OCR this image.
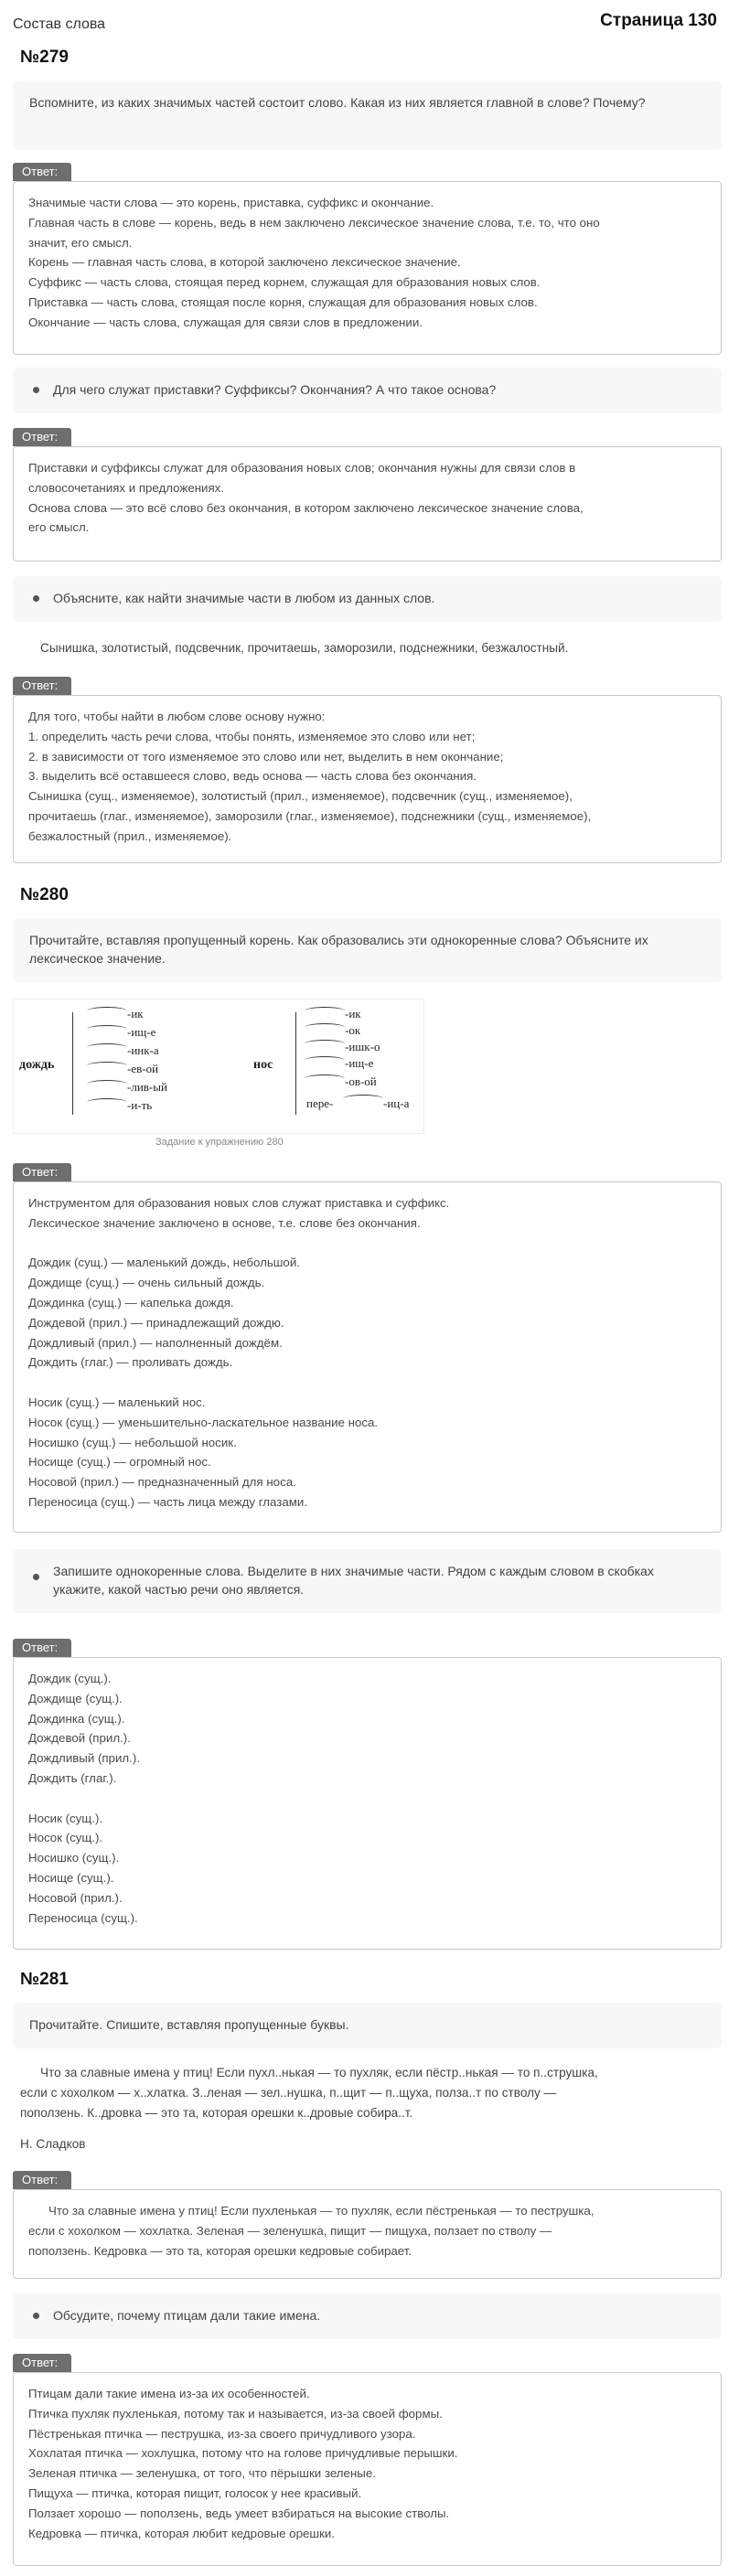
Состав слова	Страница 130
№279
Вспомните, из каких значимых частей состоит слово. Какая из них является главной в слове? Почему?
Ответ:
Значимые части слова — это корень, приставка, суффикс и окончание.
Главная часть в слове — корень, ведь в нем заключено лексическое значение слова, т.е. то, что оно
значит, его смысл.
Корень — главная часть слова, в которой заключено лексическое значение.
Суффикс — часть слова, стоящая перед корнем, служащая для образования новых слов.
Приставка — часть слова, стоящая после корня, служащая для образования новых слов.
Окончание — часть слова, служащая для связи слов в предложении.
Для чего служат приставки? Суффиксы? Окончания? А что такое основа?
Ответ:
Приставки и суффиксы служат для образования новых слов; окончания нужны для связи слов в
словосочетаниях и предложениях.
Основа слова — это всё слово без окончания, в котором заключено лексическое значение слова,
его смысл.
Объясните, как найти значимые части в любом из данных слов.
Сынишка, золотистый, подсвечник, прочитаешь, заморозили, подснежники, безжалостный.
Ответ:
Для того, чтобы найти в любом слове основу нужно:
1. определить часть речи слова, чтобы понять, изменяемое это слово или нет;
2. в зависимости от того изменяемое это слово или нет, выделить в нем окончание;
3. выделить всё оставшееся слово, ведь основа — часть слова без окончания.
Сынишка (сущ., изменяемое), золотистый (прил., изменяемое), подсвечник (сущ., изменяемое),
прочитаешь (глаг., изменяемое), заморозили (глаг., изменяемое), подснежники (сущ., изменяемое),
безжалостный (прил., изменяемое).
№280
Прочитайте, вставляя пропущенный корень. Как образовались эти однокоренные слова? Объясните их лексическое значение.
дождь
-ик
-ищ-е
-инк-а
-ев-ой
-лив-ый
-и-ть
нос
-ик
-ок
-ишк-о
-ищ-е
-ов-ой
пере-	-иц-а
Задание к упражнению 280
Ответ:
Инструментом для образования новых слов служат приставка и суффикс.
Лексическое значение заключено в основе, т.е. слове без окончания.
Дождик (сущ.) — маленький дождь, небольшой.
Дождище (сущ.) — очень сильный дождь.
Дождинка (сущ.) — капелька дождя.
Дождевой (прил.) — принадлежащий дождю.
Дождливый (прил.) — наполненный дождём.
Дождить (глаг.) — проливать дождь.
Носик (сущ.) — маленький нос.
Носок (сущ.) — уменьшительно-ласкательное название носа.
Носишко (сущ.) — небольшой носик.
Носище (сущ.) — огромный нос.
Носовой (прил.) — предназначенный для носа.
Переносица (сущ.) — часть лица между глазами.
Запишите однокоренные слова. Выделите в них значимые части. Рядом с каждым словом в скобках укажите, какой частью речи оно является.
Ответ:
Дождик (сущ.).
Дождище (сущ.).
Дождинка (сущ.).
Дождевой (прил.).
Дождливый (прил.).
Дождить (глаг.).
Носик (сущ.).
Носок (сущ.).
Носишко (сущ.).
Носище (сущ.).
Носовой (прил.).
Переносица (сущ.).
№281
Прочитайте. Спишите, вставляя пропущенные буквы.
Что за славные имена у птиц! Если пухл..нькая — то пухляк, если пёстр..нькая — то п..струшка,
если с хохолком — х..хлатка. З..леная — зел..нушка, п..щит — п..щуха, полза..т по стволу —
поползень. К..дровка — это та, которая орешки к..дровые собира..т.
Н. Сладков
Ответ:
Что за славные имена у птиц! Если пухленькая — то пухляк, если пёстренькая — то пеструшка,
если с хохолком — хохлатка. Зеленая — зеленушка, пищит — пищуха, ползает по стволу —
поползень. Кедровка — это та, которая орешки кедровые собирает.
Обсудите, почему птицам дали такие имена.
Ответ:
Птицам дали такие имена из-за их особенностей.
Птичка пухляк пухленькая, потому так и называется, из-за своей формы.
Пёстренькая птичка — пеструшка, из-за своего причудливого узора.
Хохлатая птичка — хохлушка, потому что на голове причудливые перышки.
Зеленая птичка — зеленушка, от того, что пёрышки зеленые.
Пищуха — птичка, которая пищит, голосок у нее красивый.
Ползает хорошо — поползень, ведь умеет взбираться на высокие стволы.
Кедровка — птичка, которая любит кедровые орешки.
